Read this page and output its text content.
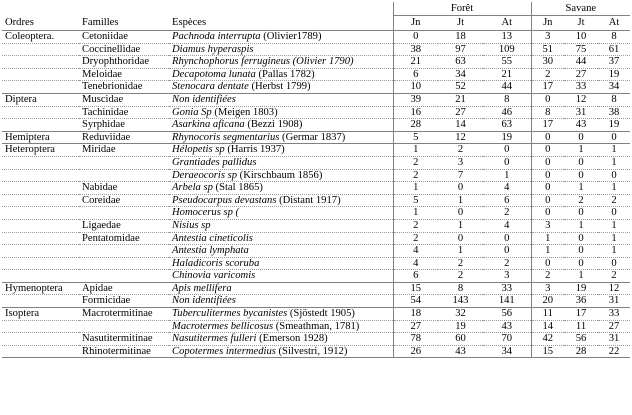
			Forêt			Savane		
Ordres	Familles	Espèces	Jn	Jt	At	Jn	Jt	At
Coleoptera.	Cetoniidae	Pachnoda interrupta (Olivier1789)	0	18	13	3	10	8
	Coccinellidae	Diamus hyperaspis	38	97	109	51	75	61
	Dryophthoridae	Rhynchophorus ferrugineus (Olivier 1790)	21	63	55	30	44	37
	Meloidae	Decapotoma lunata (Pallas 1782)	6	34	21	2	27	19
	Tenebrionidae	Stenocara dentate (Herbst 1799)	10	52	44	17	33	34
Diptera	Muscidae	Non identifiées	39	21	8	0	12	8
	Tachinidae	Gonia Sp (Meigen 1803)	16	27	46	8	31	38
	Syrphidae	Asarkina aficana (Bezzi 1908)	28	14	63	17	43	19
Hemiptera	Reduviidae	Rhynocoris segmentarius (Germar 1837)	5	12	19	0	0	0
Heteroptera	Miridae	Hélopetis sp (Harris 1937)	1	2	0	0	1	1
		Grantiades pallidus	2	3	0	0	0	1
		Deraeocoris sp (Kirschbaum 1856)	2	7	1	0	0	0
	Nabidae	Arbela sp (Stal 1865)	1	0	4	0	1	1
	Coreidae	Pseudocarpus devastans (Distant 1917)	5	1	6	0	2	2
		Homocerus sp (	1	0	2	0	0	0
	Ligaedae	Nisius sp	2	1	4	3	1	1
	Pentatomidae	Antestia cineticolis	2	0	0	1	0	1
		Antestia lymphata	4	1	0	1	0	1
		Haladicoris scoruba	4	2	2	0	0	0
		Chinovia varicomis	6	2	3	2	1	2
Hymenoptera	Apidae	Apis mellifera	15	8	33	3	19	12
	Formicidae	Non identifiées	54	143	141	20	36	31
Isoptera	Macrotermitinae	Tuberculitermes bycanistes (Sjöstedt 1905)	18	32	56	11	17	33
		Macrotermes bellicosus (Smeathman, 1781)	27	19	43	14	11	27
	Nasutitermitinae	Nasutitermes fulleri (Emerson 1928)	78	60	70	42	56	31
	Rhinotermitinae	Copotermes intermedius (Silvestri, 1912)	26	43	34	15	28	22
